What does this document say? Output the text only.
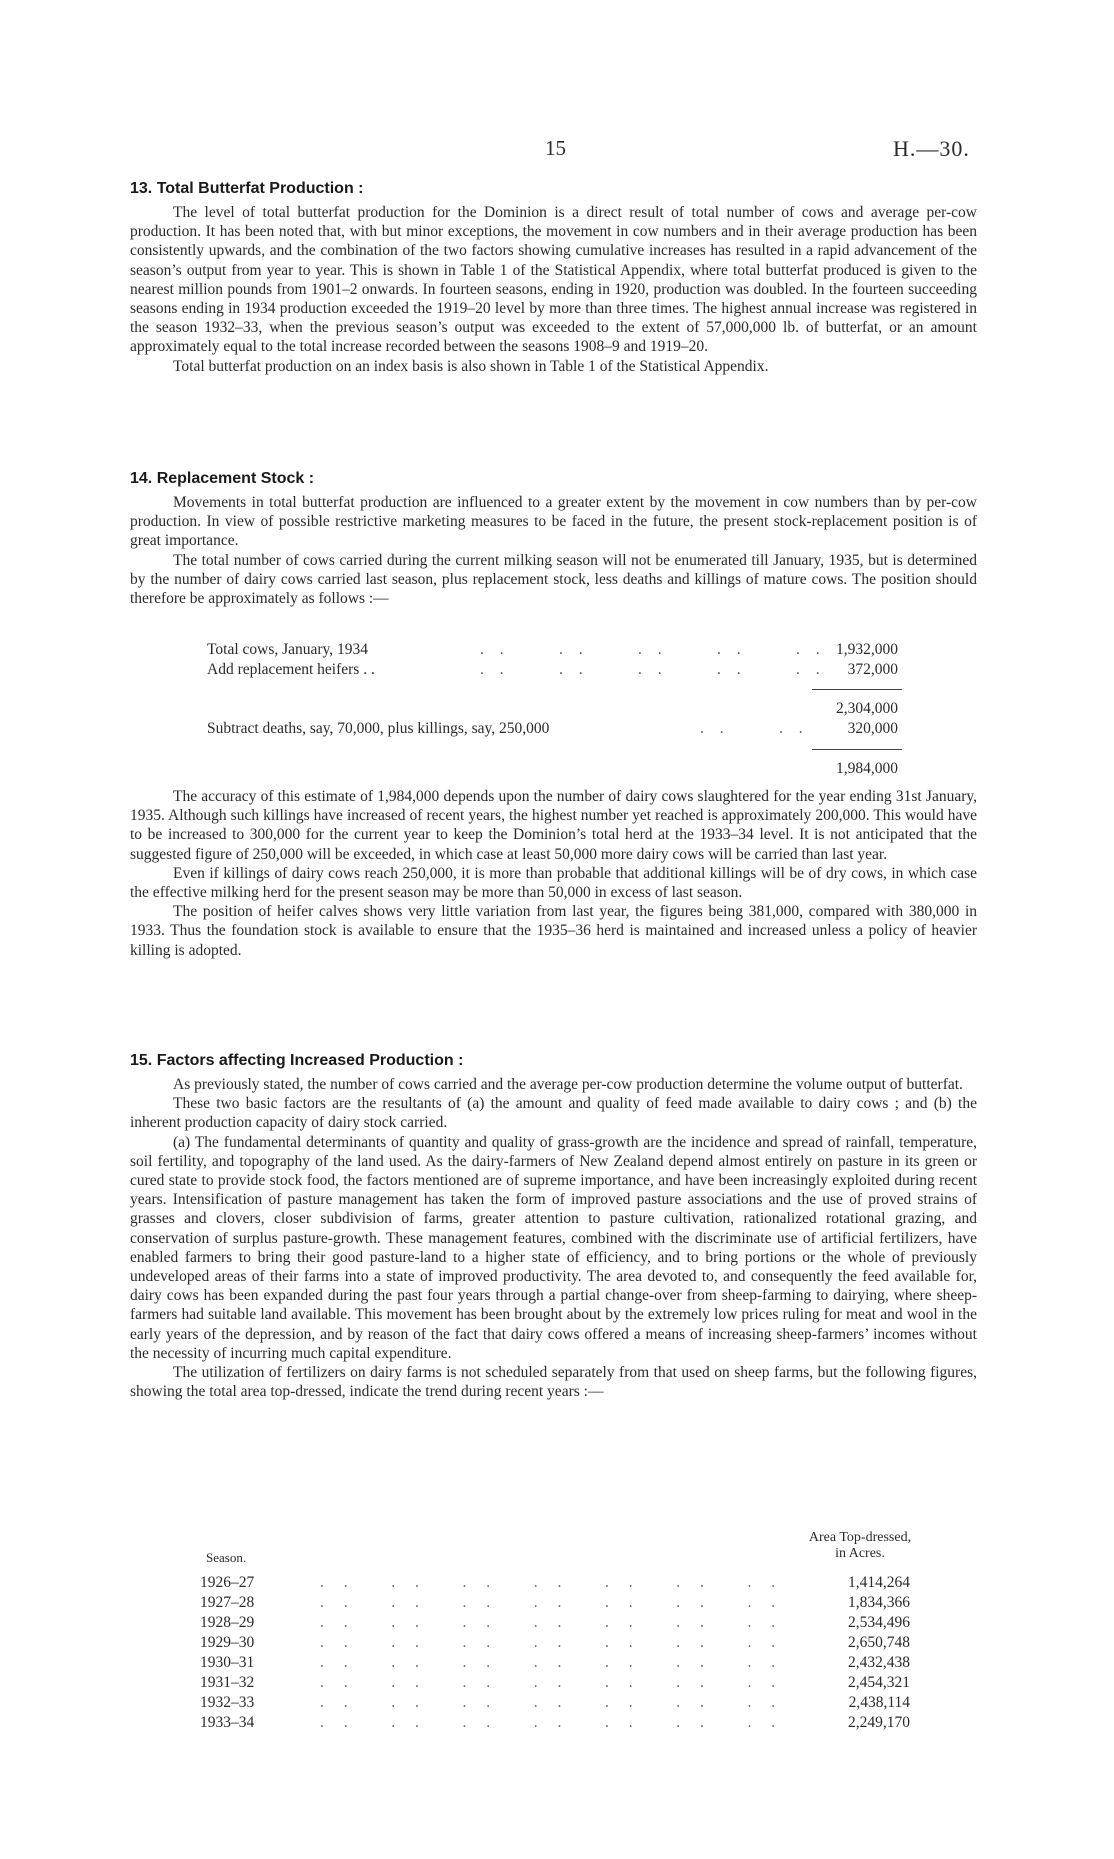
15	H.—30.
13. Total Butterfat Production :

The level of total butterfat production for the Dominion is a direct result of total number of cows and average per-cow production. It has been noted that, with but minor exceptions, the movement in cow numbers and in their average production has been consistently upwards, and the combination of the two factors showing cumulative increases has resulted in a rapid advancement of the season’s output from year to year. This is shown in Table 1 of the Statistical Appendix, where total butterfat produced is given to the nearest million pounds from 1901–2 onwards. In fourteen seasons, ending in 1920, production was doubled. In the fourteen succeeding seasons ending in 1934 production exceeded the 1919–20 level by more than three times. The highest annual increase was registered in the season 1932–33, when the previous season’s output was exceeded to the extent of 57,000,000 lb. of butterfat, or an amount approximately equal to the total increase recorded between the seasons 1908–9 and 1919–20.

Total butterfat production on an index basis is also shown in Table 1 of the Statistical Appendix.

14. Replacement Stock :

Movements in total butterfat production are influenced to a greater extent by the movement in cow numbers than by per-cow production. In view of possible restrictive marketing measures to be faced in the future, the present stock-replacement position is of great importance.

The total number of cows carried during the current milking season will not be enumerated till January, 1935, but is determined by the number of dairy cows carried last season, plus replacement stock, less deaths and killings of mature cows. The position should therefore be approximately as follows :—

Total cows, January, 1934	. .     . .     . .     . .     . . 1,932,000
Add replacement heifers . .	. .     . .     . .     . .     . .	372,000
2,304,000
Subtract deaths, say, 70,000, plus killings, say, 250,000	. .     . .	320,000
1,984,000

The accuracy of this estimate of 1,984,000 depends upon the number of dairy cows slaughtered for the year ending 31st January, 1935. Although such killings have increased of recent years, the highest number yet reached is approximately 200,000. This would have to be increased to 300,000 for the current year to keep the Dominion’s total herd at the 1933–34 level. It is not anticipated that the suggested figure of 250,000 will be exceeded, in which case at least 50,000 more dairy cows will be carried than last year.

Even if killings of dairy cows reach 250,000, it is more than probable that additional killings will be of dry cows, in which case the effective milking herd for the present season may be more than 50,000 in excess of last season.

The position of heifer calves shows very little variation from last year, the figures being 381,000, compared with 380,000 in 1933. Thus the foundation stock is available to ensure that the 1935–36 herd is maintained and increased unless a policy of heavier killing is adopted.

15. Factors affecting Increased Production :

As previously stated, the number of cows carried and the average per-cow production determine the volume output of butterfat.

These two basic factors are the resultants of (a) the amount and quality of feed made available to dairy cows ; and (b) the inherent production capacity of dairy stock carried.

(a) The fundamental determinants of quantity and quality of grass-growth are the incidence and spread of rainfall, temperature, soil fertility, and topography of the land used. As the dairy-farmers of New Zealand depend almost entirely on pasture in its green or cured state to provide stock food, the factors mentioned are of supreme importance, and have been increasingly exploited during recent years. Intensification of pasture management has taken the form of improved pasture associations and the use of proved strains of grasses and clovers, closer subdivision of farms, greater attention to pasture cultivation, rationalized rotational grazing, and conservation of surplus pasture-growth. These management features, combined with the discriminate use of artificial fertilizers, have enabled farmers to bring their good pasture-land to a higher state of efficiency, and to bring portions or the whole of previously undeveloped areas of their farms into a state of improved productivity. The area devoted to, and consequently the feed available for, dairy cows has been expanded during the past four years through a partial change-over from sheep-farming to dairying, where sheep-farmers had suitable land available. This movement has been brought about by the extremely low prices ruling for meat and wool in the early years of the depression, and by reason of the fact that dairy cows offered a means of increasing sheep-farmers’ incomes without the necessity of incurring much capital expenditure.

The utilization of fertilizers on dairy farms is not scheduled separately from that used on sheep farms, but the following figures, showing the total area top-dressed, indicate the trend during recent years :—

Season.
Area Top-dressed,
in Acres.
1926–27	. .   . .   . .   . .   . .   . .   . .	1,414,264
1927–28	. .   . .   . .   . .   . .   . .   . .	1,834,366
1928–29	. .   . .   . .   . .   . .   . .   . .	2,534,496
1929–30	. .   . .   . .   . .   . .   . .   . .	2,650,748
1930–31	. .   . .   . .   . .   . .   . .   . .	2,432,438
1931–32	. .   . .   . .   . .   . .   . .   . .	2,454,321
1932–33	. .   . .   . .   . .   . .   . .   . .	2,438,114
1933–34	. .   . .   . .   . .   . .   . .   . .	2,249,170
